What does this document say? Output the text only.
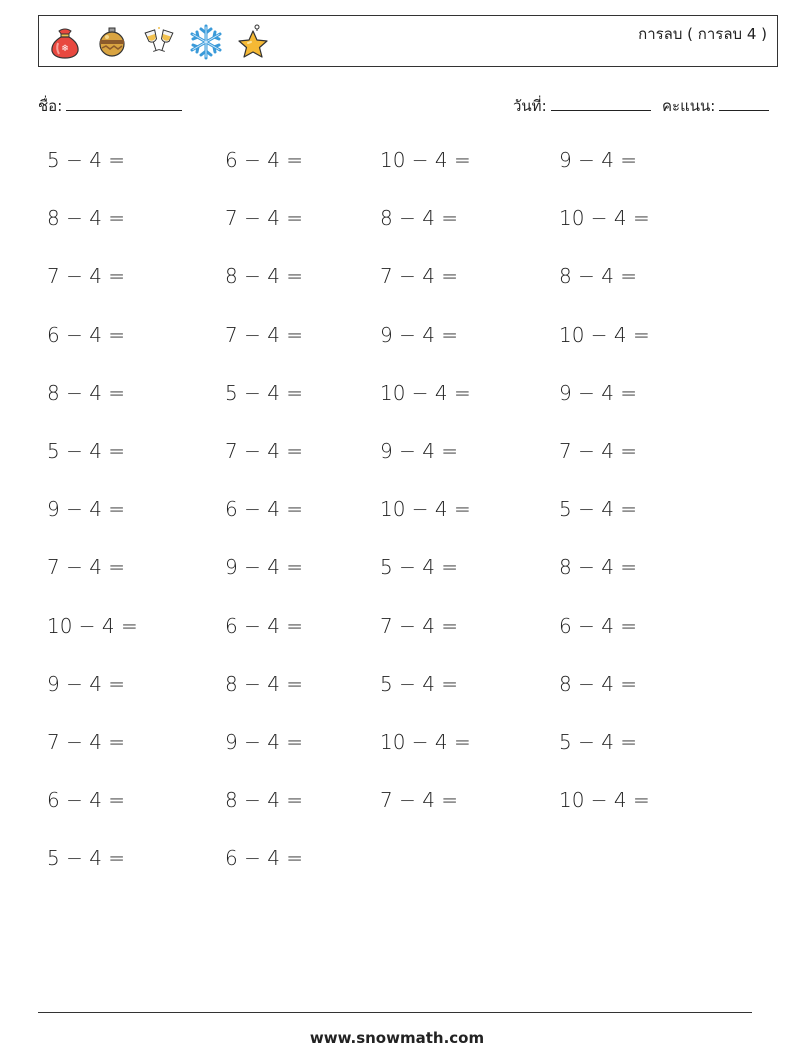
❄
การลบ ( การลบ 4 )
ชื่อ:	วันที่:	คะแนน:
5 − 4 =	6 − 4 =	10 − 4 =	9 − 4 =
8 − 4 =	7 − 4 =	8 − 4 =	10 − 4 =
7 − 4 =	8 − 4 =	7 − 4 =	8 − 4 =
6 − 4 =	7 − 4 =	9 − 4 =	10 − 4 =
8 − 4 =	5 − 4 =	10 − 4 =	9 − 4 =
5 − 4 =	7 − 4 =	9 − 4 =	7 − 4 =
9 − 4 =	6 − 4 =	10 − 4 =	5 − 4 =
7 − 4 =	9 − 4 =	5 − 4 =	8 − 4 =
10 − 4 =	6 − 4 =	7 − 4 =	6 − 4 =
9 − 4 =	8 − 4 =	5 − 4 =	8 − 4 =
7 − 4 =	9 − 4 =	10 − 4 =	5 − 4 =
6 − 4 =	8 − 4 =	7 − 4 =	10 − 4 =
5 − 4 =	6 − 4 =
www.snowmath.com
